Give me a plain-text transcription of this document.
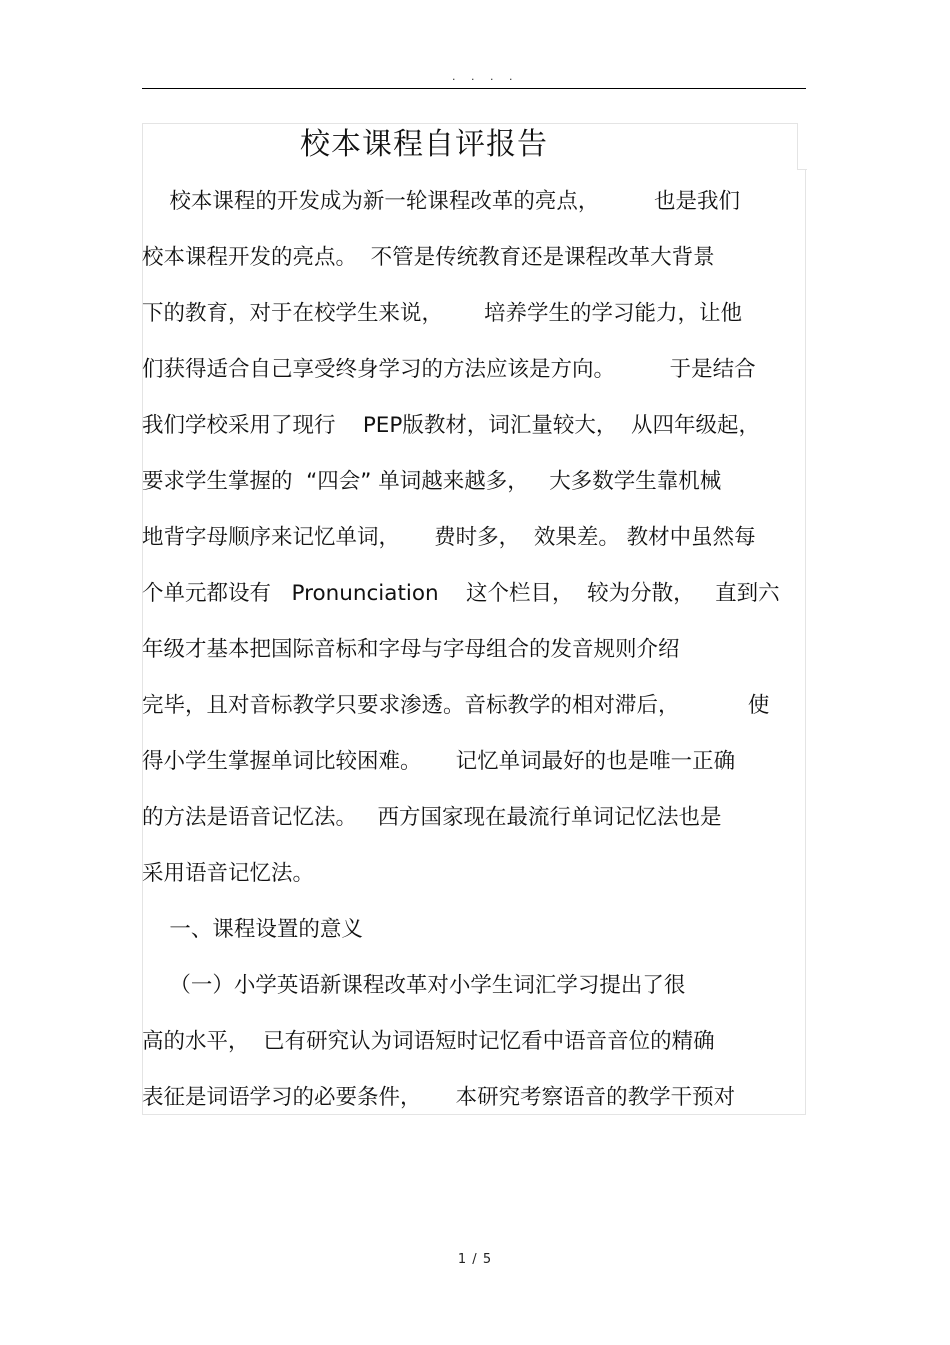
. . . .
校本课程自评报告
校本课程的开发成为新一轮课程改革的亮点，        也是我们
校本课程开发的亮点。  不管是传统教育还是课程改革大背景
下的教育，对于在校学生来说，      培养学生的学习能力，让他
们获得适合自己享受终身学习的方法应该是方向。        于是结合
我们学校采用了现行    PEP版教材，词汇量较大，  从四年级起，
要求学生掌握的  “四会” 单词越来越多，   大多数学生靠机械
地背字母顺序来记忆单词，     费时多，  效果差。 教材中虽然每
个单元都设有   Pronunciation    这个栏目，  较为分散，   直到六
年级才基本把国际音标和字母与字母组合的发音规则介绍
完毕，且对音标教学只要求渗透。音标教学的相对滞后，          使
得小学生掌握单词比较困难。     记忆单词最好的也是唯一正确
的方法是语音记忆法。   西方国家现在最流行单词记忆法也是
采用语音记忆法。
一、课程设置的意义
（一）小学英语新课程改革对小学生词汇学习提出了很
高的水平，  已有研究认为词语短时记忆看中语音音位的精确
表征是词语学习的必要条件，     本研究考察语音的教学干预对
1 / 5
